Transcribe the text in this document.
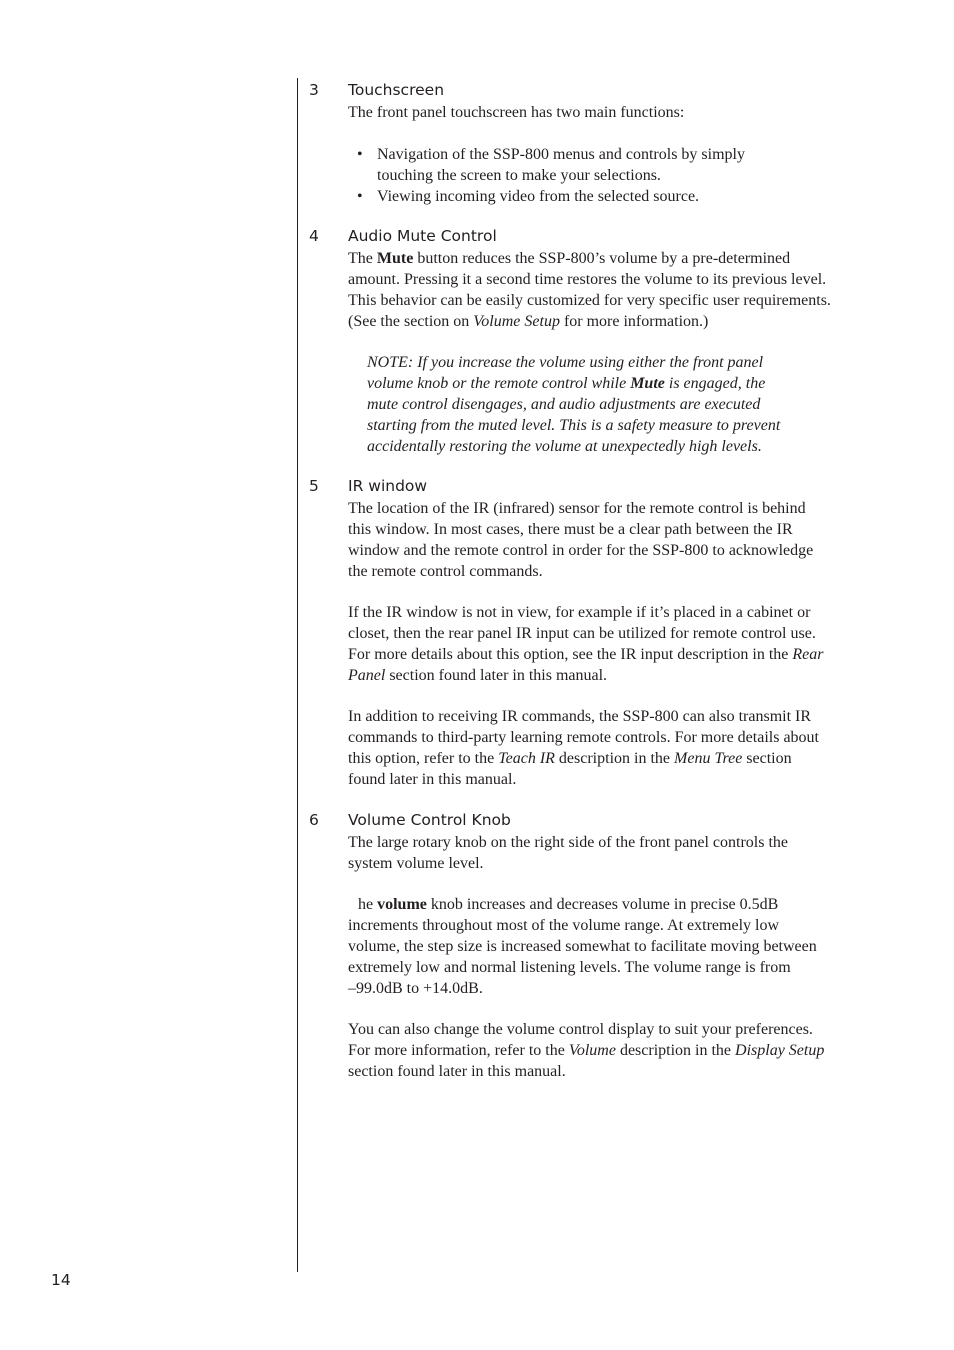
3 Touchscreen
The front panel touchscreen has two main functions:
• Navigation of the SSP-800 menus and controls by simply
touching the screen to make your selections.
• Viewing incoming video from the selected source.
4 Audio Mute Control
The Mute button reduces the SSP-800’s volume by a pre-determined
amount. Pressing it a second time restores the volume to its previous level.
This behavior can be easily customized for very specific user requirements.
(See the section on Volume Setup for more information.)
NOTE: If you increase the volume using either the front panel
volume knob or the remote control while Mute is engaged, the
mute control disengages, and audio adjustments are executed
starting from the muted level. This is a safety measure to prevent
accidentally restoring the volume at unexpectedly high levels.
5 IR window
The location of the IR (infrared) sensor for the remote control is behind
this window. In most cases, there must be a clear path between the IR
window and the remote control in order for the SSP-800 to acknowledge
the remote control commands.
If the IR window is not in view, for example if it’s placed in a cabinet or
closet, then the rear panel IR input can be utilized for remote control use.
For more details about this option, see the IR input description in the Rear
Panel section found later in this manual.
In addition to receiving IR commands, the SSP-800 can also transmit IR
commands to third-party learning remote controls. For more details about
this option, refer to the Teach IR description in the Menu Tree section
found later in this manual.
6 Volume Control Knob
The large rotary knob on the right side of the front panel controls the
system volume level.
he volume knob increases and decreases volume in precise 0.5dB
increments throughout most of the volume range. At extremely low
volume, the step size is increased somewhat to facilitate moving between
extremely low and normal listening levels. The volume range is from
–99.0dB to +14.0dB.
You can also change the volume control display to suit your preferences.
For more information, refer to the Volume description in the Display Setup
section found later in this manual.
14
